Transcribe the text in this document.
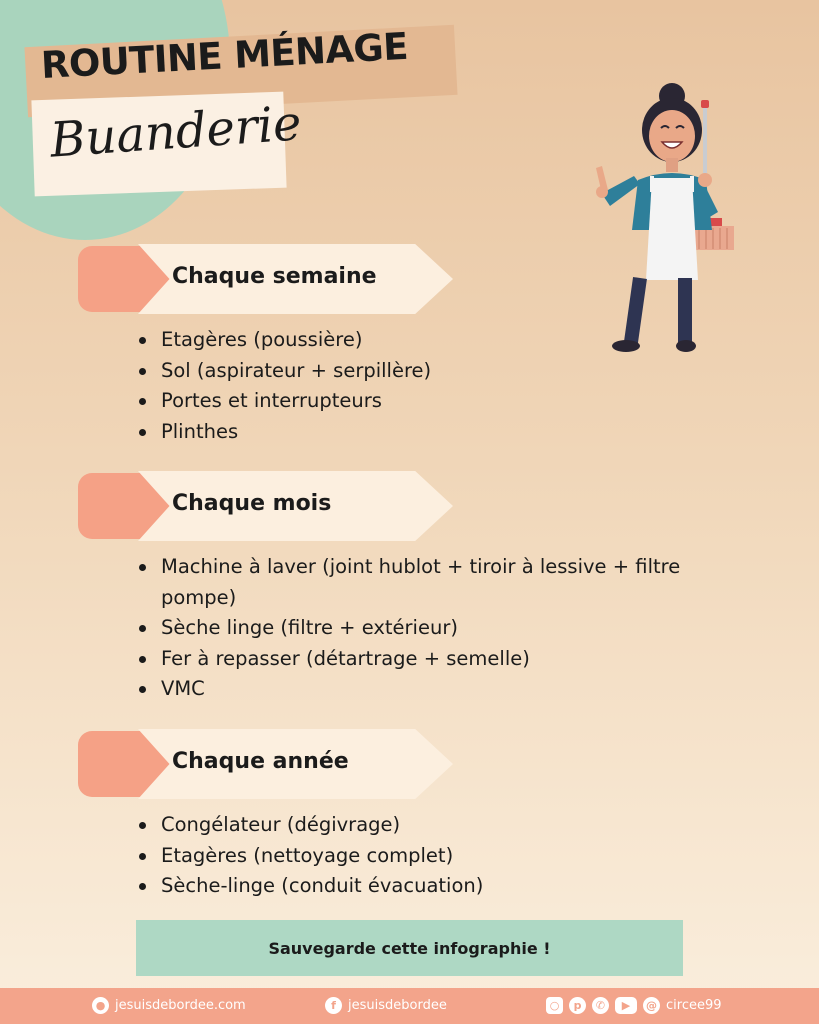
ROUTINE MÉNAGE
Buanderie
Chaque semaine
Etagères (poussière)
Sol (aspirateur + serpillère)
Portes et interrupteurs
Plinthes
Chaque mois
Machine à laver (joint hublot + tiroir à lessive + filtre pompe)
Sèche linge (filtre + extérieur)
Fer à repasser (détartrage + semelle)
VMC
Chaque année
Congélateur (dégivrage)
Etagères (nettoyage complet)
Sèche-linge (conduit évacuation)
Sauvegarde cette infographie !
● jesuisdebordee.com	f jesuisdebordee	○	p	✆	▶	@ circee99
